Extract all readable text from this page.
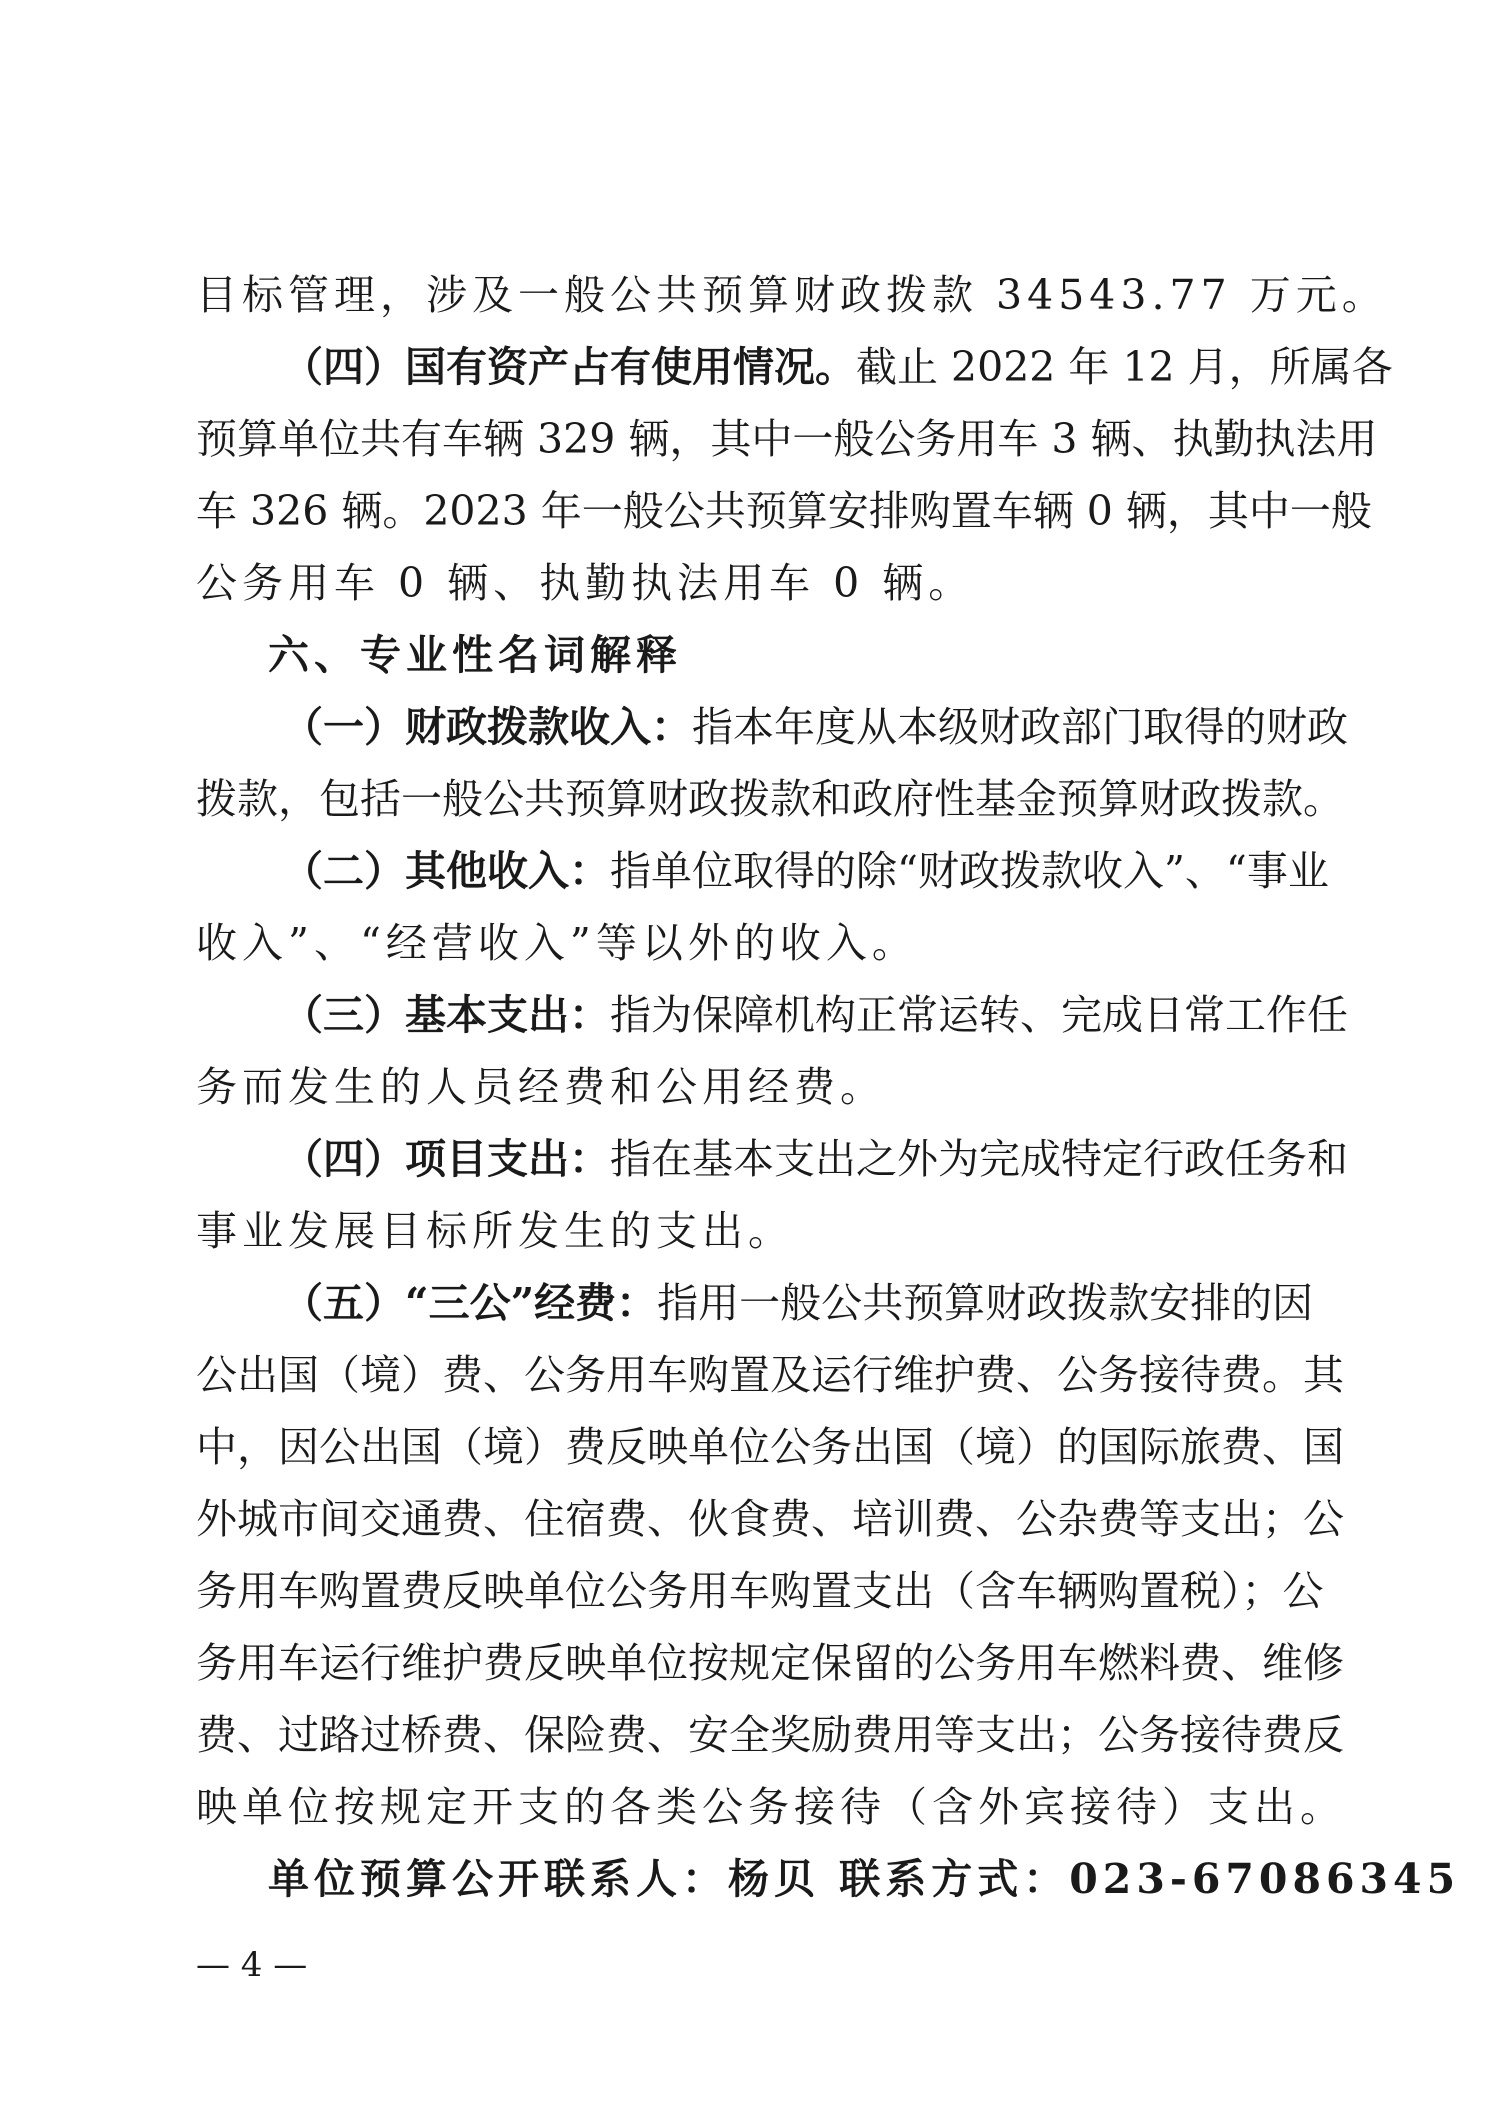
目标管理，涉及一般公共预算财政拨款 34543.77 万元。
（四）国有资产占有使用情况。截止 2022 年 12 月，所属各
预算单位共有车辆 329 辆，其中一般公务用车 3 辆、执勤执法用
车 326 辆。2023 年一般公共预算安排购置车辆 0 辆，其中一般
公务用车 0 辆、执勤执法用车 0 辆。
六、专业性名词解释
（一）财政拨款收入：指本年度从本级财政部门取得的财政
拨款，包括一般公共预算财政拨款和政府性基金预算财政拨款。
（二）其他收入：指单位取得的除“财政拨款收入”、“事业
收入”、“经营收入”等以外的收入。
（三）基本支出：指为保障机构正常运转、完成日常工作任
务而发生的人员经费和公用经费。
（四）项目支出：指在基本支出之外为完成特定行政任务和
事业发展目标所发生的支出。
（五）“三公”经费：指用一般公共预算财政拨款安排的因
公出国（境）费、公务用车购置及运行维护费、公务接待费。其
中，因公出国（境）费反映单位公务出国（境）的国际旅费、国
外城市间交通费、住宿费、伙食费、培训费、公杂费等支出；公
务用车购置费反映单位公务用车购置支出（含车辆购置税）；公
务用车运行维护费反映单位按规定保留的公务用车燃料费、维修
费、过路过桥费、保险费、安全奖励费用等支出；公务接待费反
映单位按规定开支的各类公务接待（含外宾接待）支出。
单位预算公开联系人：杨贝 联系方式：023-67086345
— 4 —
